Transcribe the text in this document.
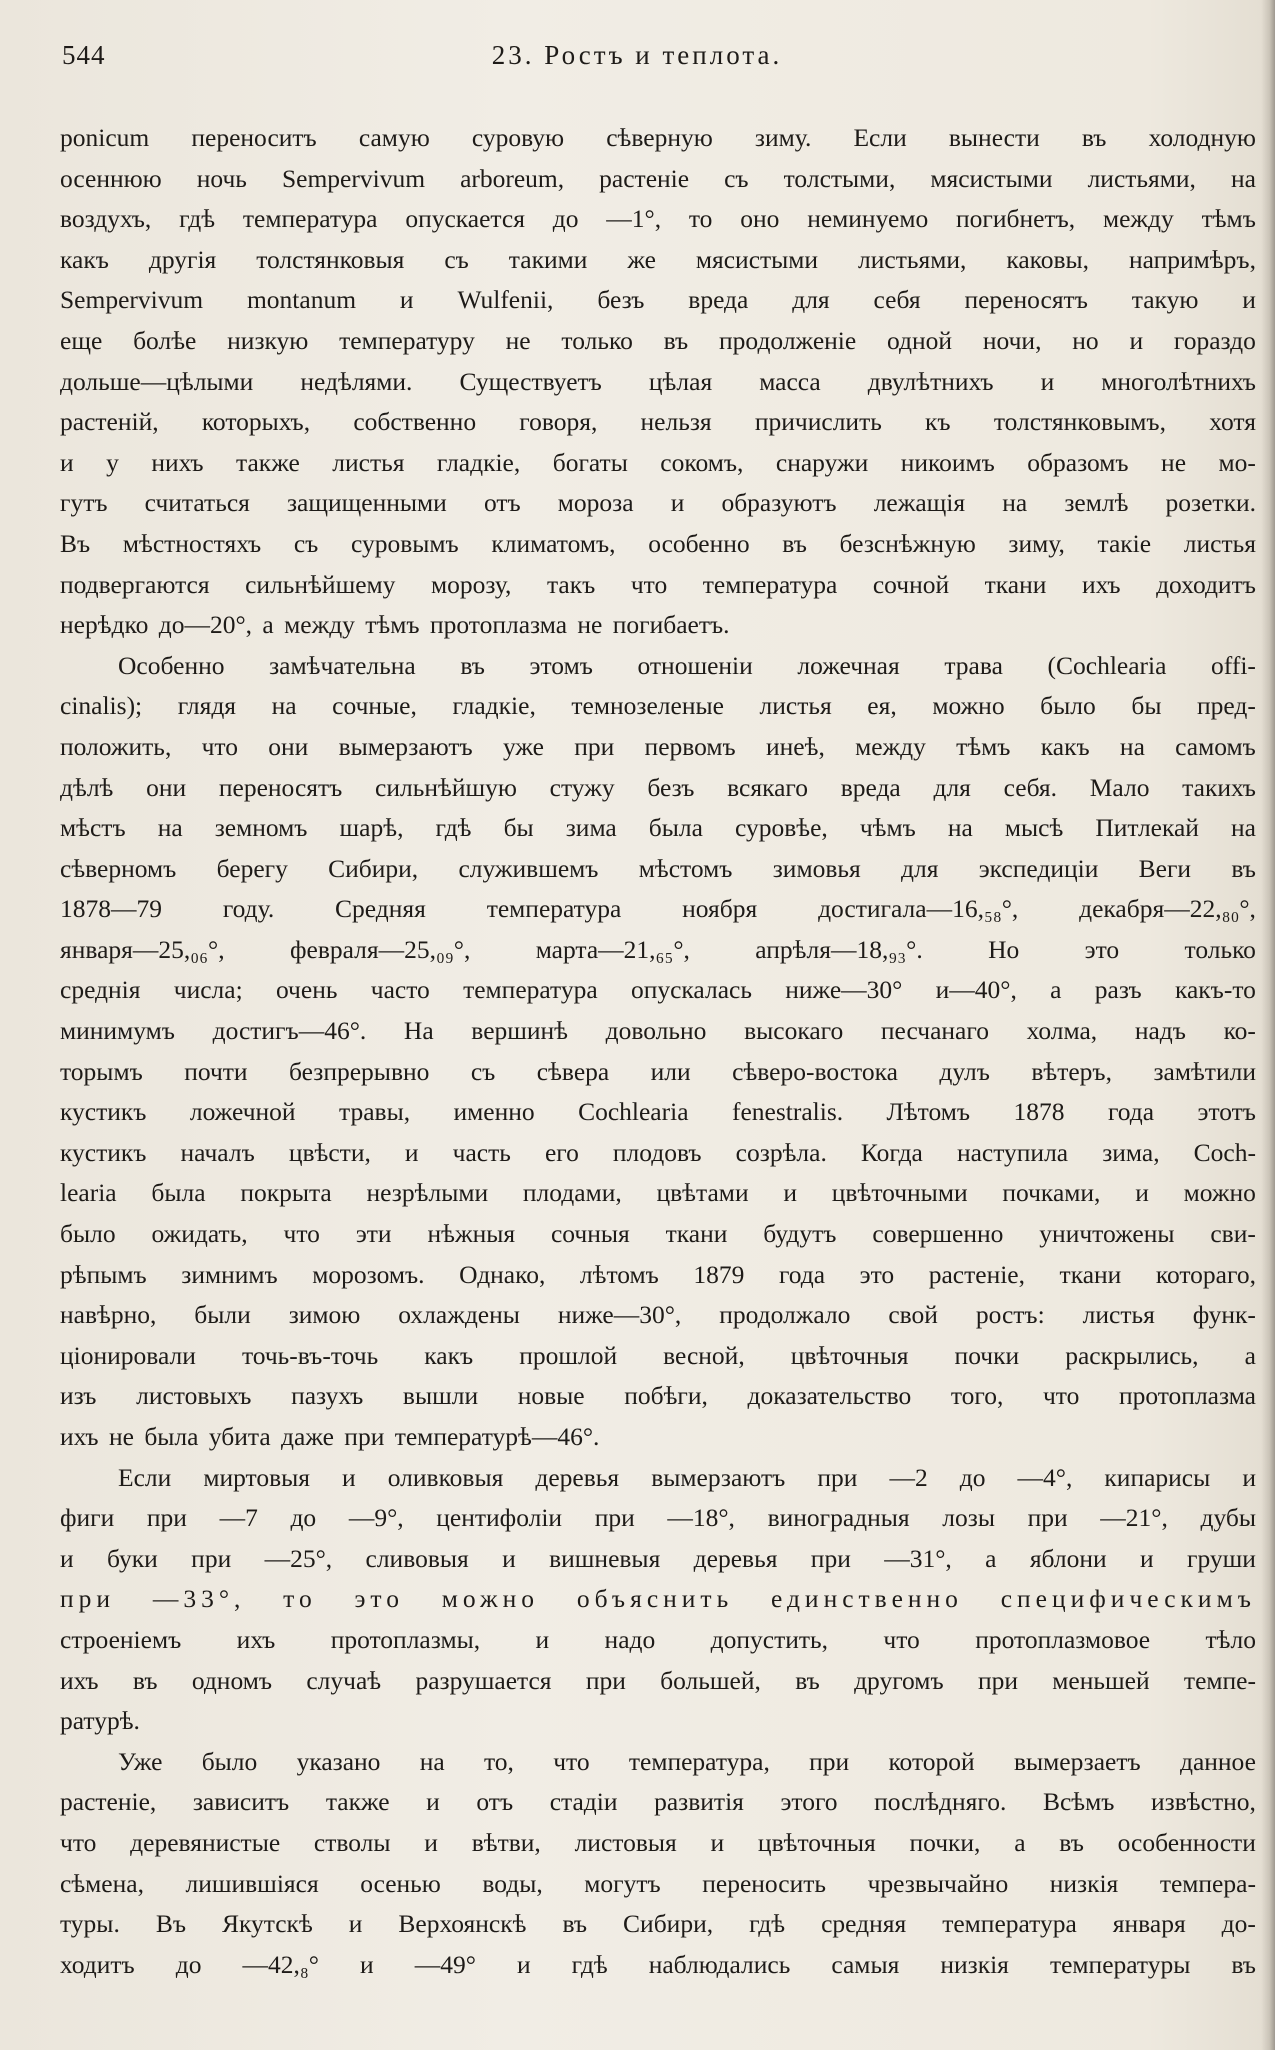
544	23. Ростъ и теплота.
ponicum переноситъ самую суровую сѣверную зиму. Если вынести въ холодную
осеннюю ночь Sempervivum arboreum, растеніе съ толстыми, мясистыми листьями, на
воздухъ, гдѣ температура опускается до —1°, то оно неминуемо погибнетъ, между тѣмъ
какъ другія толстянковыя съ такими же мясистыми листьями, каковы, напримѣръ,
Sempervivum montanum и Wulfenii, безъ вреда для себя переносятъ такую и
еще болѣе низкую температуру не только въ продолженіе одной ночи, но и гораздо
дольше—цѣлыми недѣлями. Существуетъ цѣлая масса двулѣтнихъ и многолѣтнихъ
растеній, которыхъ, собственно говоря, нельзя причислить къ толстянковымъ, хотя
и у нихъ также листья гладкіе, богаты сокомъ, снаружи никоимъ образомъ не мо-
гутъ считаться защищенными отъ мороза и образуютъ лежащія на землѣ розетки.
Въ мѣстностяхъ съ суровымъ климатомъ, особенно въ безснѣжную зиму, такіе листья
подвергаются сильнѣйшему морозу, такъ что температура сочной ткани ихъ доходитъ
нерѣдко до—20°, а между тѣмъ протоплазма не погибаетъ.
Особенно замѣчательна въ этомъ отношеніи ложечная трава (Cochlearia offi-
cinalis); глядя на сочные, гладкіе, темнозеленые листья ея, можно было бы пред-
положить, что они вымерзаютъ уже при первомъ инеѣ, между тѣмъ какъ на самомъ
дѣлѣ они переносятъ сильнѣйшую стужу безъ всякаго вреда для себя. Мало такихъ
мѣстъ на земномъ шарѣ, гдѣ бы зима была суровѣе, чѣмъ на мысѣ Питлекай на
сѣверномъ берегу Сибири, служившемъ мѣстомъ зимовья для экспедиціи Веги въ
1878—79 году. Средняя температура ноября достигала—16,₅₈°, декабря—22,₈₀°,
января—25,₀₆°,	февраля—25,₀₉°,	марта—21,₆₅°,	апрѣля—18,₉₃°.	Но	это	только
среднія числа; очень часто температура опускалась ниже—30° и—40°, а разъ какъ-то
минимумъ достигъ—46°. На вершинѣ довольно высокаго песчанаго холма, надъ ко-
торымъ почти безпрерывно съ сѣвера или сѣверо-востока дулъ вѣтеръ, замѣтили
кустикъ ложечной травы, именно Cochlearia fenestralis. Лѣтомъ 1878 года этотъ
кустикъ началъ цвѣсти, и часть его плодовъ созрѣла. Когда наступила зима, Coch-
learia была покрыта незрѣлыми плодами, цвѣтами и цвѣточными почками, и можно
было ожидать, что эти нѣжныя сочныя ткани будутъ совершенно уничтожены сви-
рѣпымъ зимнимъ морозомъ. Однако, лѣтомъ 1879 года это растеніе, ткани котораго,
навѣрно, были зимою охлаждены ниже—30°, продолжало свой ростъ: листья функ-
ціонировали точь-въ-точь какъ прошлой весной, цвѣточныя почки раскрылись, а
изъ листовыхъ пазухъ вышли новые побѣги, доказательство того, что протоплазма
ихъ не была убита даже при температурѣ—46°.
Если миртовыя и оливковыя деревья вымерзаютъ при —2 до —4°, кипарисы и
фиги при —7 до —9°, центифоліи при —18°, виноградныя лозы при —21°, дубы
и буки при —25°, сливовыя и вишневыя деревья при —31°, а яблони и груши
при —33°, то это можно объяснить единственно специфическимъ
строеніемъ ихъ протоплазмы, и надо допустить, что протоплазмовое тѣло
ихъ въ одномъ случаѣ разрушается при большей, въ другомъ при меньшей темпе-
ратурѣ.
Уже было указано на то, что температура, при которой вымерзаетъ данное
растеніе, зависитъ также и отъ стадіи развитія этого послѣдняго. Всѣмъ извѣстно,
что деревянистые стволы и вѣтви, листовыя и цвѣточныя почки, а въ особенности
сѣмена, лишившіяся осенью воды, могутъ переносить чрезвычайно низкія темпера-
туры. Въ Якутскѣ и Верхоянскѣ въ Сибири, гдѣ средняя температура января до-
ходитъ до —42,₈° и —49° и гдѣ наблюдались самыя низкія температуры въ
